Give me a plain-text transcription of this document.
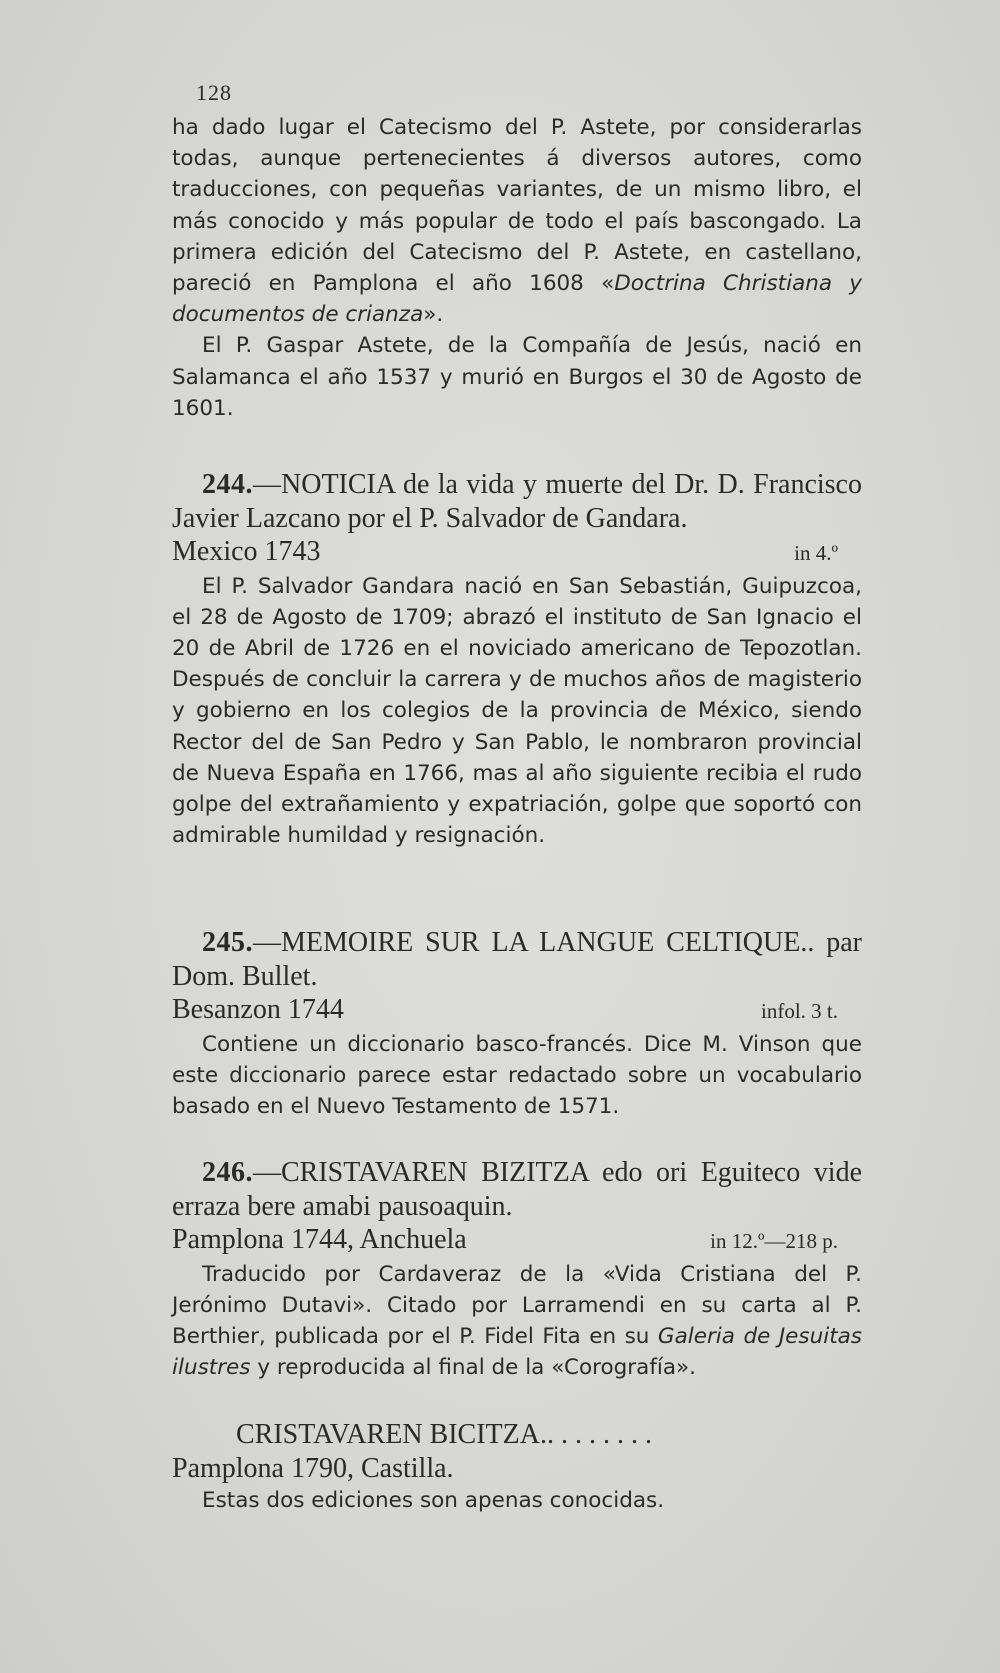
128

ha dado lugar el Catecismo del P. Astete, por considerarlas todas, aunque pertenecientes á diversos autores, como traducciones, con pequeñas variantes, de un mismo libro, el más conocido y más popular de todo el país bascongado. La primera edición del Catecismo del P. Astete, en castellano, pareció en Pamplona el año 1608 «Doctrina Christiana y documentos de crianza».

El P. Gaspar Astete, de la Compañía de Jesús, nació en Salamanca el año 1537 y murió en Burgos el 30 de Agosto de 1601.

244.—NOTICIA de la vida y muerte del Dr. D. Francisco Javier Lazcano por el P. Salvador de Gandara.

Mexico 1743	in 4.º

El P. Salvador Gandara nació en San Sebastián, Guipuzcoa, el 28 de Agosto de 1709; abrazó el instituto de San Ignacio el 20 de Abril de 1726 en el noviciado americano de Tepozotlan. Después de concluir la carrera y de muchos años de magisterio y gobierno en los colegios de la provincia de México, siendo Rector del de San Pedro y San Pablo, le nombraron provincial de Nueva España en 1766, mas al año siguiente recibia el rudo golpe del extrañamiento y expatriación, golpe que soportó con admirable humildad y resignación.

245.—MEMOIRE SUR LA LANGUE CELTIQUE.. par Dom. Bullet.

Besanzon 1744	infol. 3 t.

Contiene un diccionario basco-francés. Dice M. Vinson que este diccionario parece estar redactado sobre un vocabulario basado en el Nuevo Testamento de 1571.

246.—CRISTAVAREN BIZITZA edo ori Eguiteco vide erraza bere amabi pausoaquin.

Pamplona 1744, Anchuela	in 12.º—218 p.

Traducido por Cardaveraz de la «Vida Cristiana del P. Jerónimo Dutavi». Citado por Larramendi en su carta al P. Berthier, publicada por el P. Fidel Fita en su Galeria de Jesuitas ilustres y reproducida al final de la «Corografía».

CRISTAVAREN BICITZA.. . . . . . . .

Pamplona 1790, Castilla.

Estas dos ediciones son apenas conocidas.
